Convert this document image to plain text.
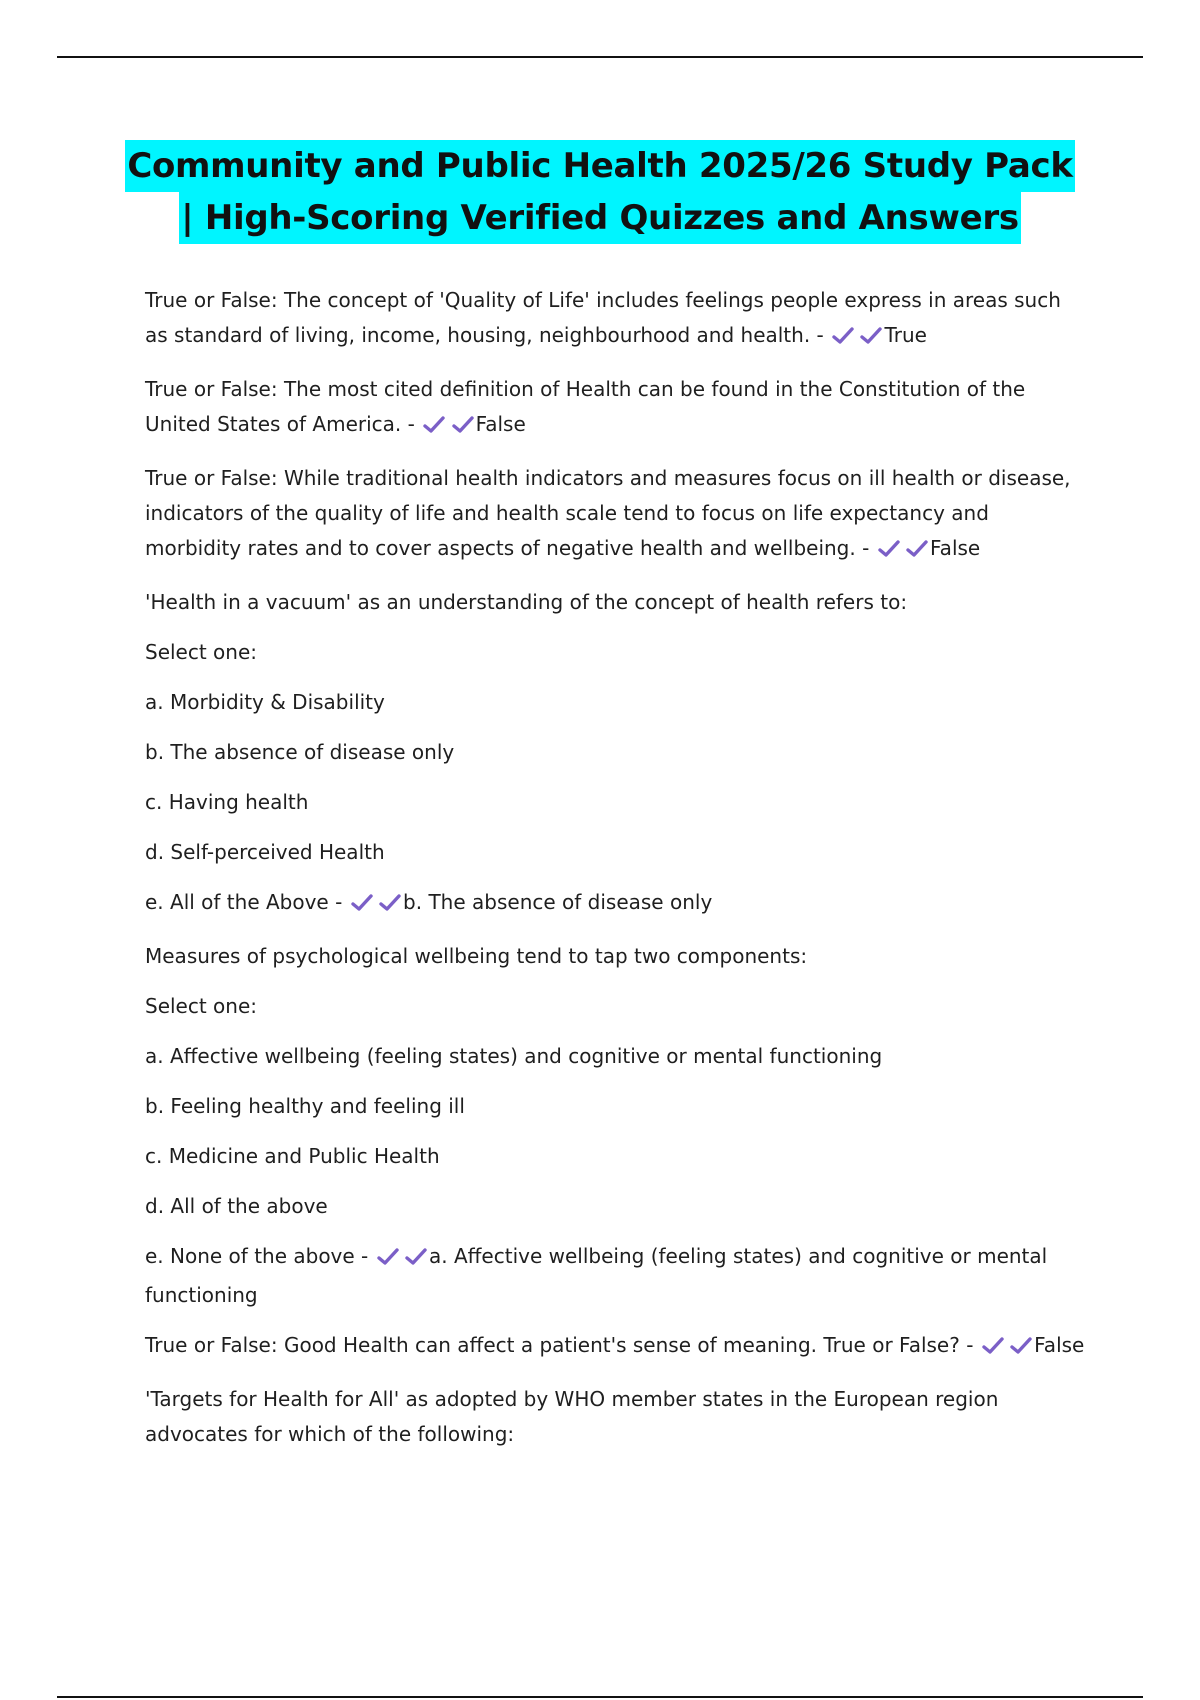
Community and Public Health 2025/26 Study Pack
| High-Scoring Verified Quizzes and Answers

True or False: The concept of 'Quality of Life' includes feelings people express in areas such as standard of living, income, housing, neighbourhood and health. -	True

True or False: The most cited definition of Health can be found in the Constitution of the United States of America. -	False

True or False: While traditional health indicators and measures focus on ill health or disease, indicators of the quality of life and health scale tend to focus on life expectancy and morbidity rates and to cover aspects of negative health and wellbeing. -	False

'Health in a vacuum' as an understanding of the concept of health refers to:

Select one:

a. Morbidity & Disability

b. The absence of disease only

c. Having health

d. Self-perceived Health

e. All of the Above -	b. The absence of disease only

Measures of psychological wellbeing tend to tap two components:

Select one:

a. Affective wellbeing (feeling states) and cognitive or mental functioning

b. Feeling healthy and feeling ill

c. Medicine and Public Health

d. All of the above

e. None of the above -	a. Affective wellbeing (feeling states) and cognitive or mental functioning

True or False: Good Health can affect a patient's sense of meaning. True or False? -	False

'Targets for Health for All' as adopted by WHO member states in the European region advocates for which of the following:
